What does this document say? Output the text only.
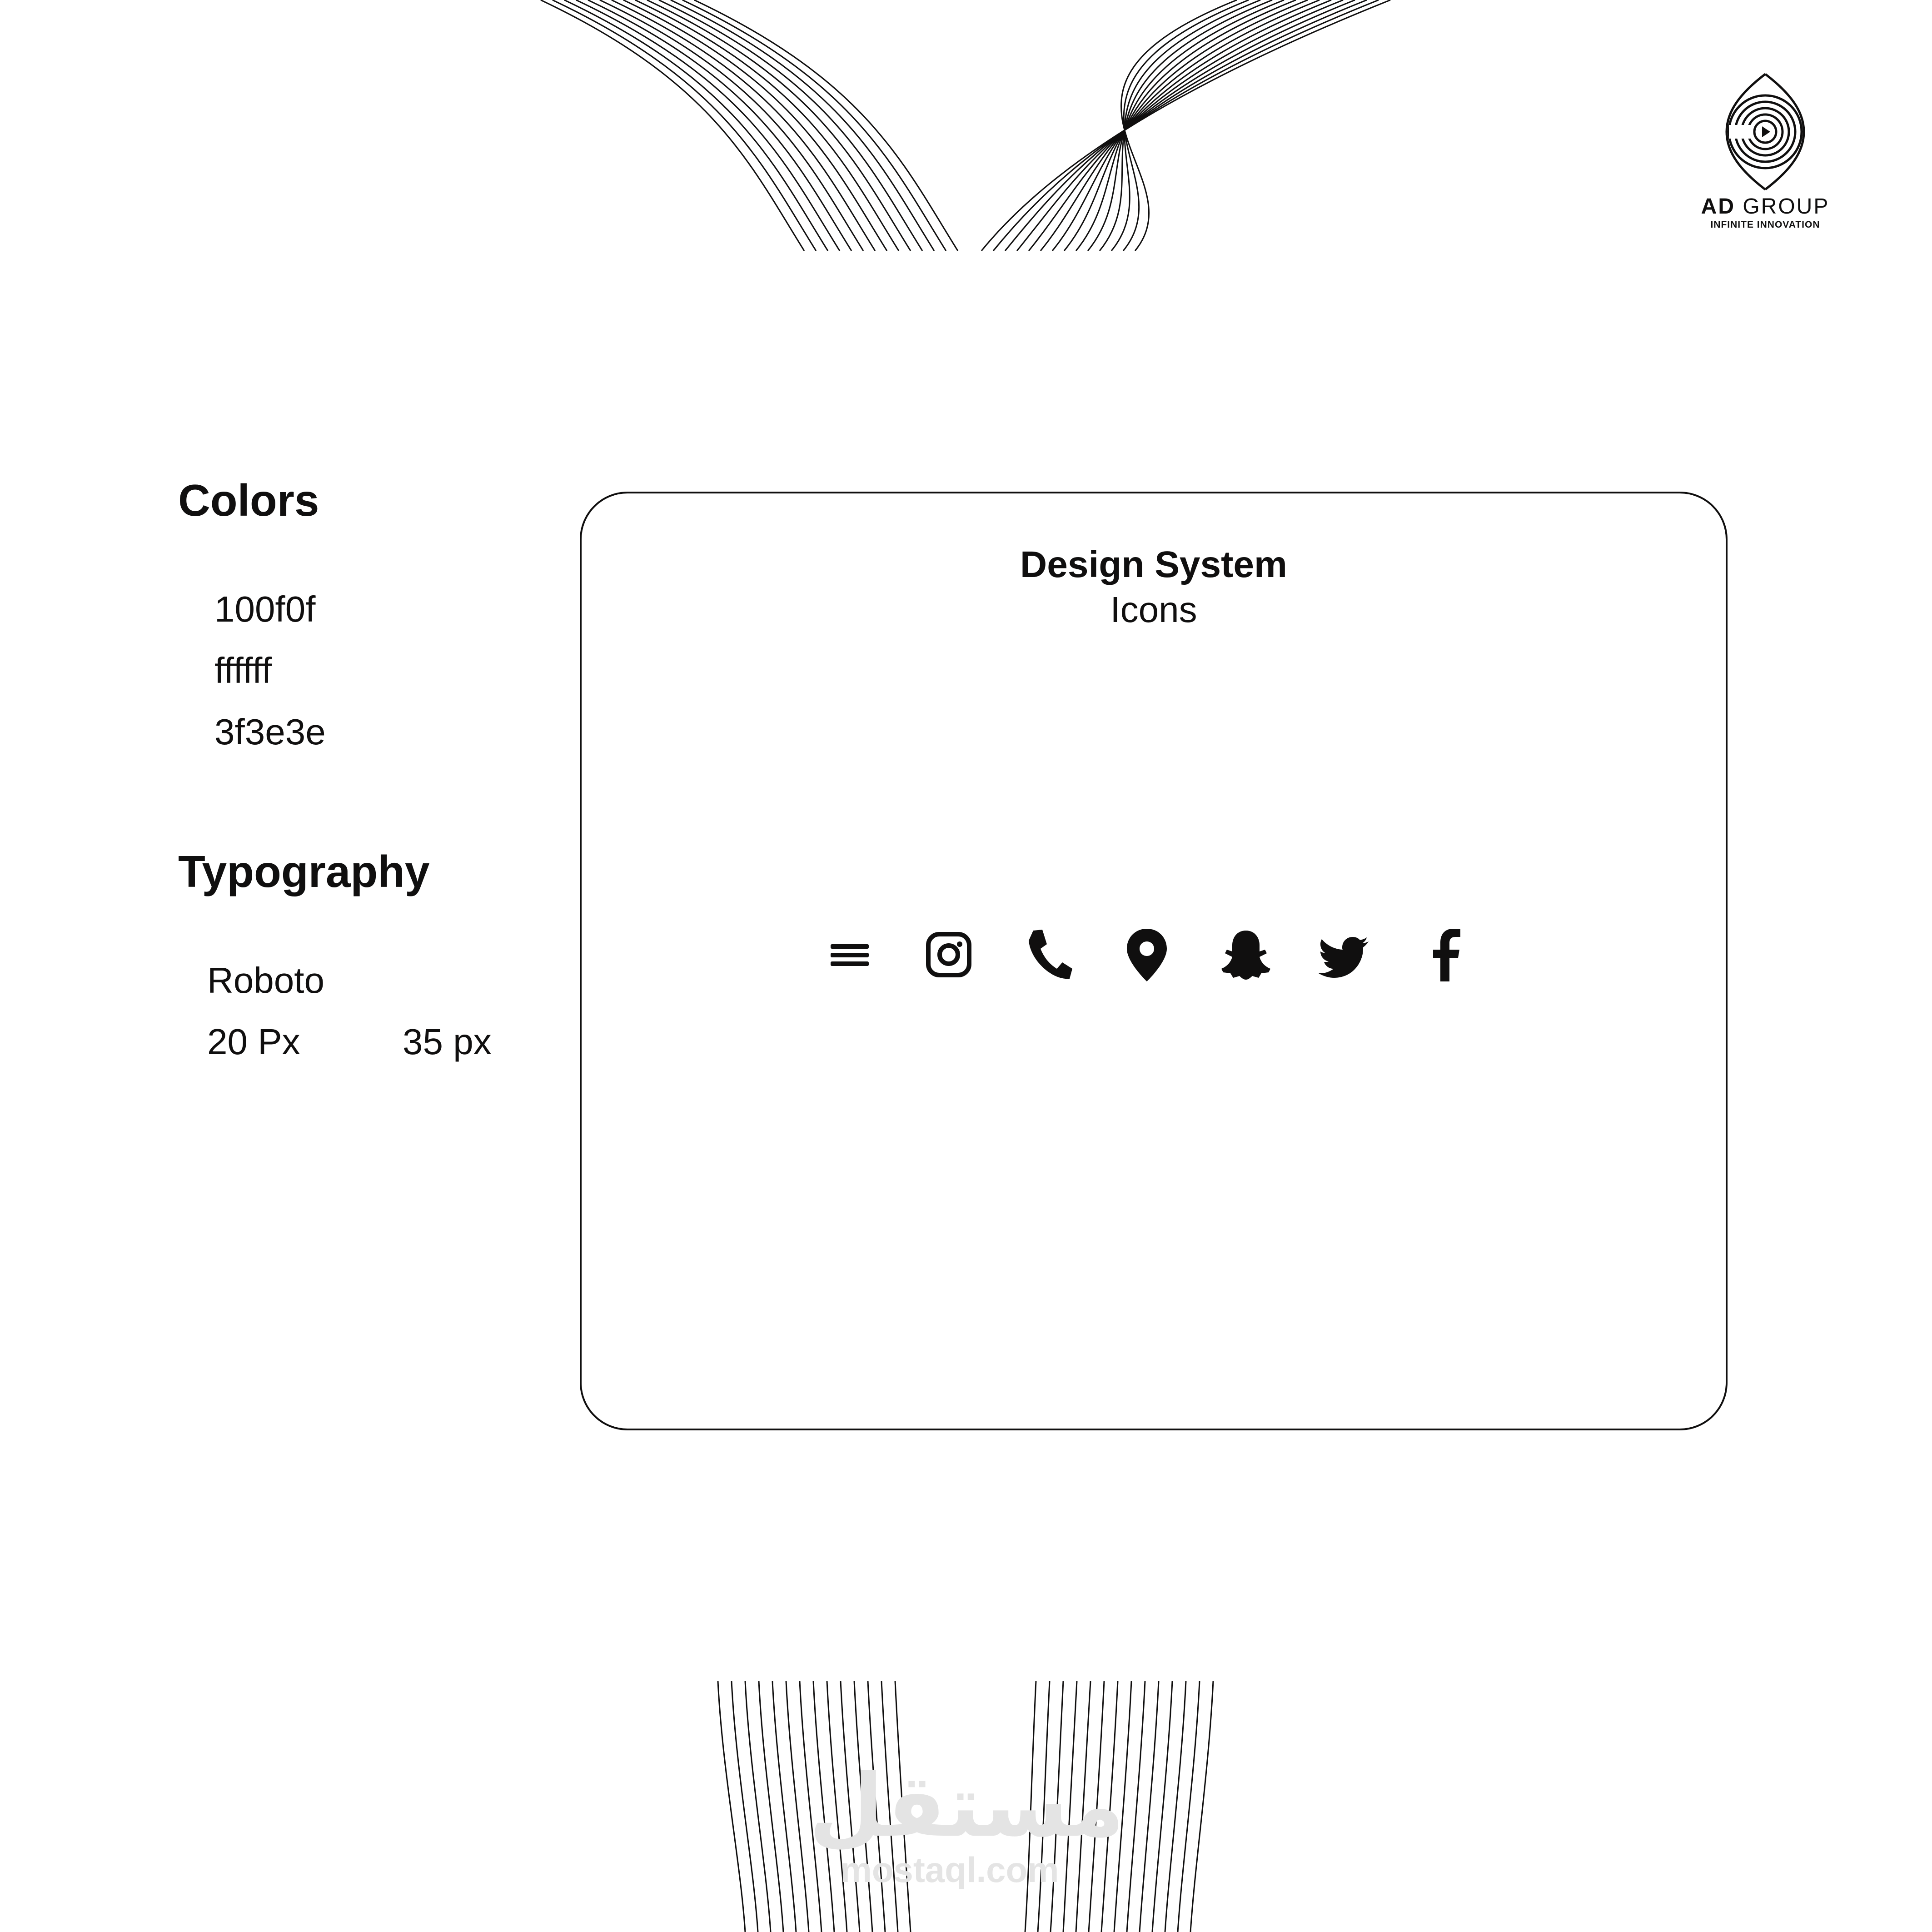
AD GROUP
INFINITE INNOVATION
Colors
100f0f
ffffff
3f3e3e
Typography
Roboto
20 Px	35 px
Design System
Icons
مستقل
mostaql.com
